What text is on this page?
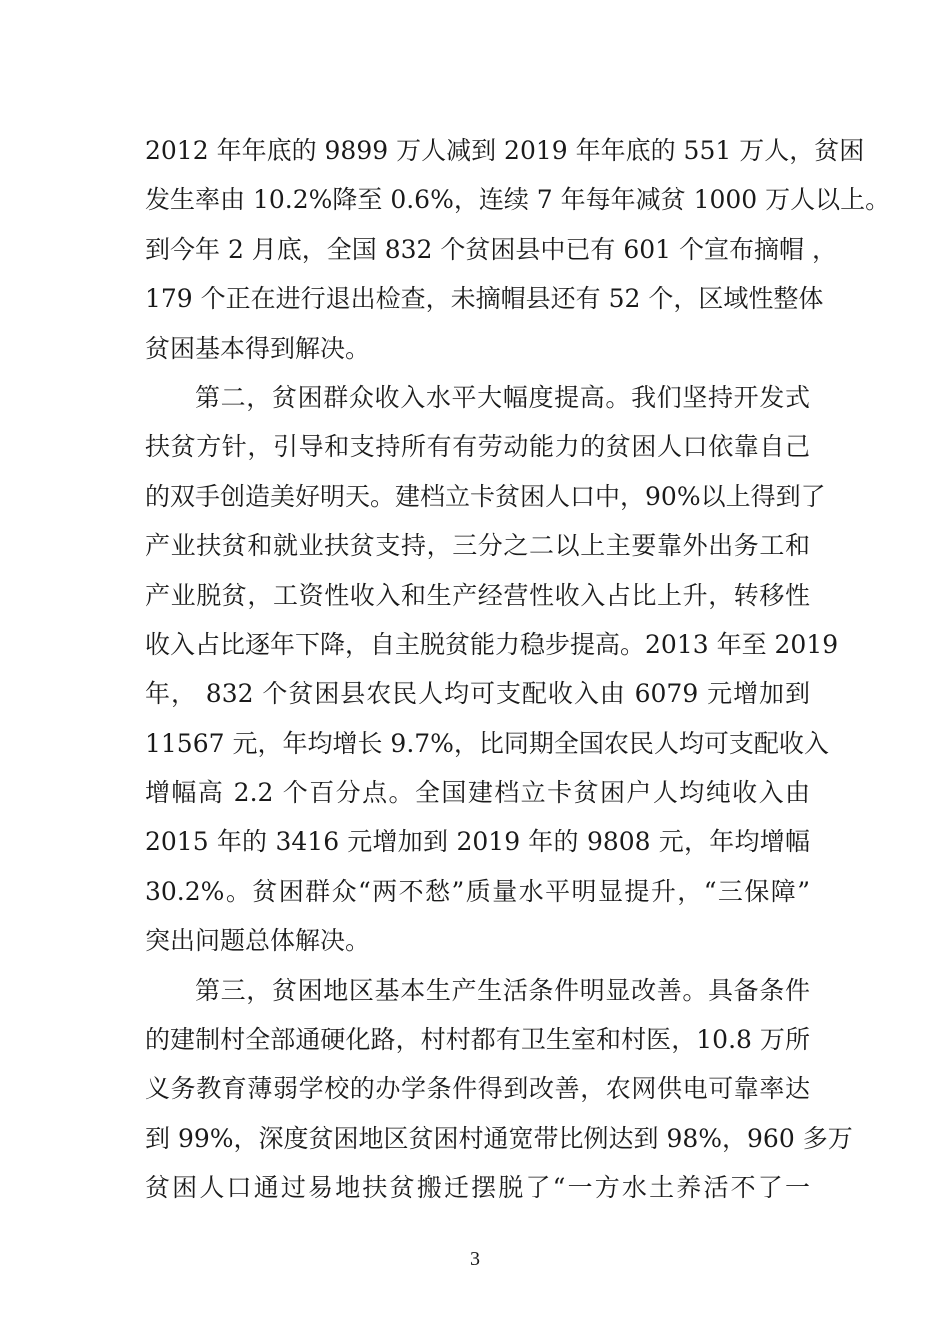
2012 年年底的 9899 万人减到 2019 年年底的 551 万人，贫困
发生率由 10.2%降至 0.6%，连续 7 年每年减贫 1000 万人以上。
到今年 2 月底，全国 832 个贫困县中已有 601 个宣布摘帽 ，
179 个正在进行退出检查，未摘帽县还有 52 个，区域性整体
贫困基本得到解决。
第二，贫困群众收入水平大幅度提高。我们坚持开发式
扶贫方针，引导和支持所有有劳动能力的贫困人口依靠自己
的双手创造美好明天。建档立卡贫困人口中，90%以上得到了
产业扶贫和就业扶贫支持，三分之二以上主要靠外出务工和
产业脱贫，工资性收入和生产经营性收入占比上升，转移性
收入占比逐年下降，自主脱贫能力稳步提高。2013 年至 2019
年， 832 个贫困县农民人均可支配收入由 6079 元增加到
11567 元，年均增长 9.7%，比同期全国农民人均可支配收入
增幅高 2.2 个百分点。全国建档立卡贫困户人均纯收入由
2015 年的 3416 元增加到 2019 年的 9808 元，年均增幅
30.2%。贫困群众“两不愁”质量水平明显提升，“三保障”
突出问题总体解决。
第三，贫困地区基本生产生活条件明显改善。具备条件
的建制村全部通硬化路，村村都有卫生室和村医，10.8 万所
义务教育薄弱学校的办学条件得到改善，农网供电可靠率达
到 99%，深度贫困地区贫困村通宽带比例达到 98%，960 多万
贫困人口通过易地扶贫搬迁摆脱了“一方水土养活不了一
3
